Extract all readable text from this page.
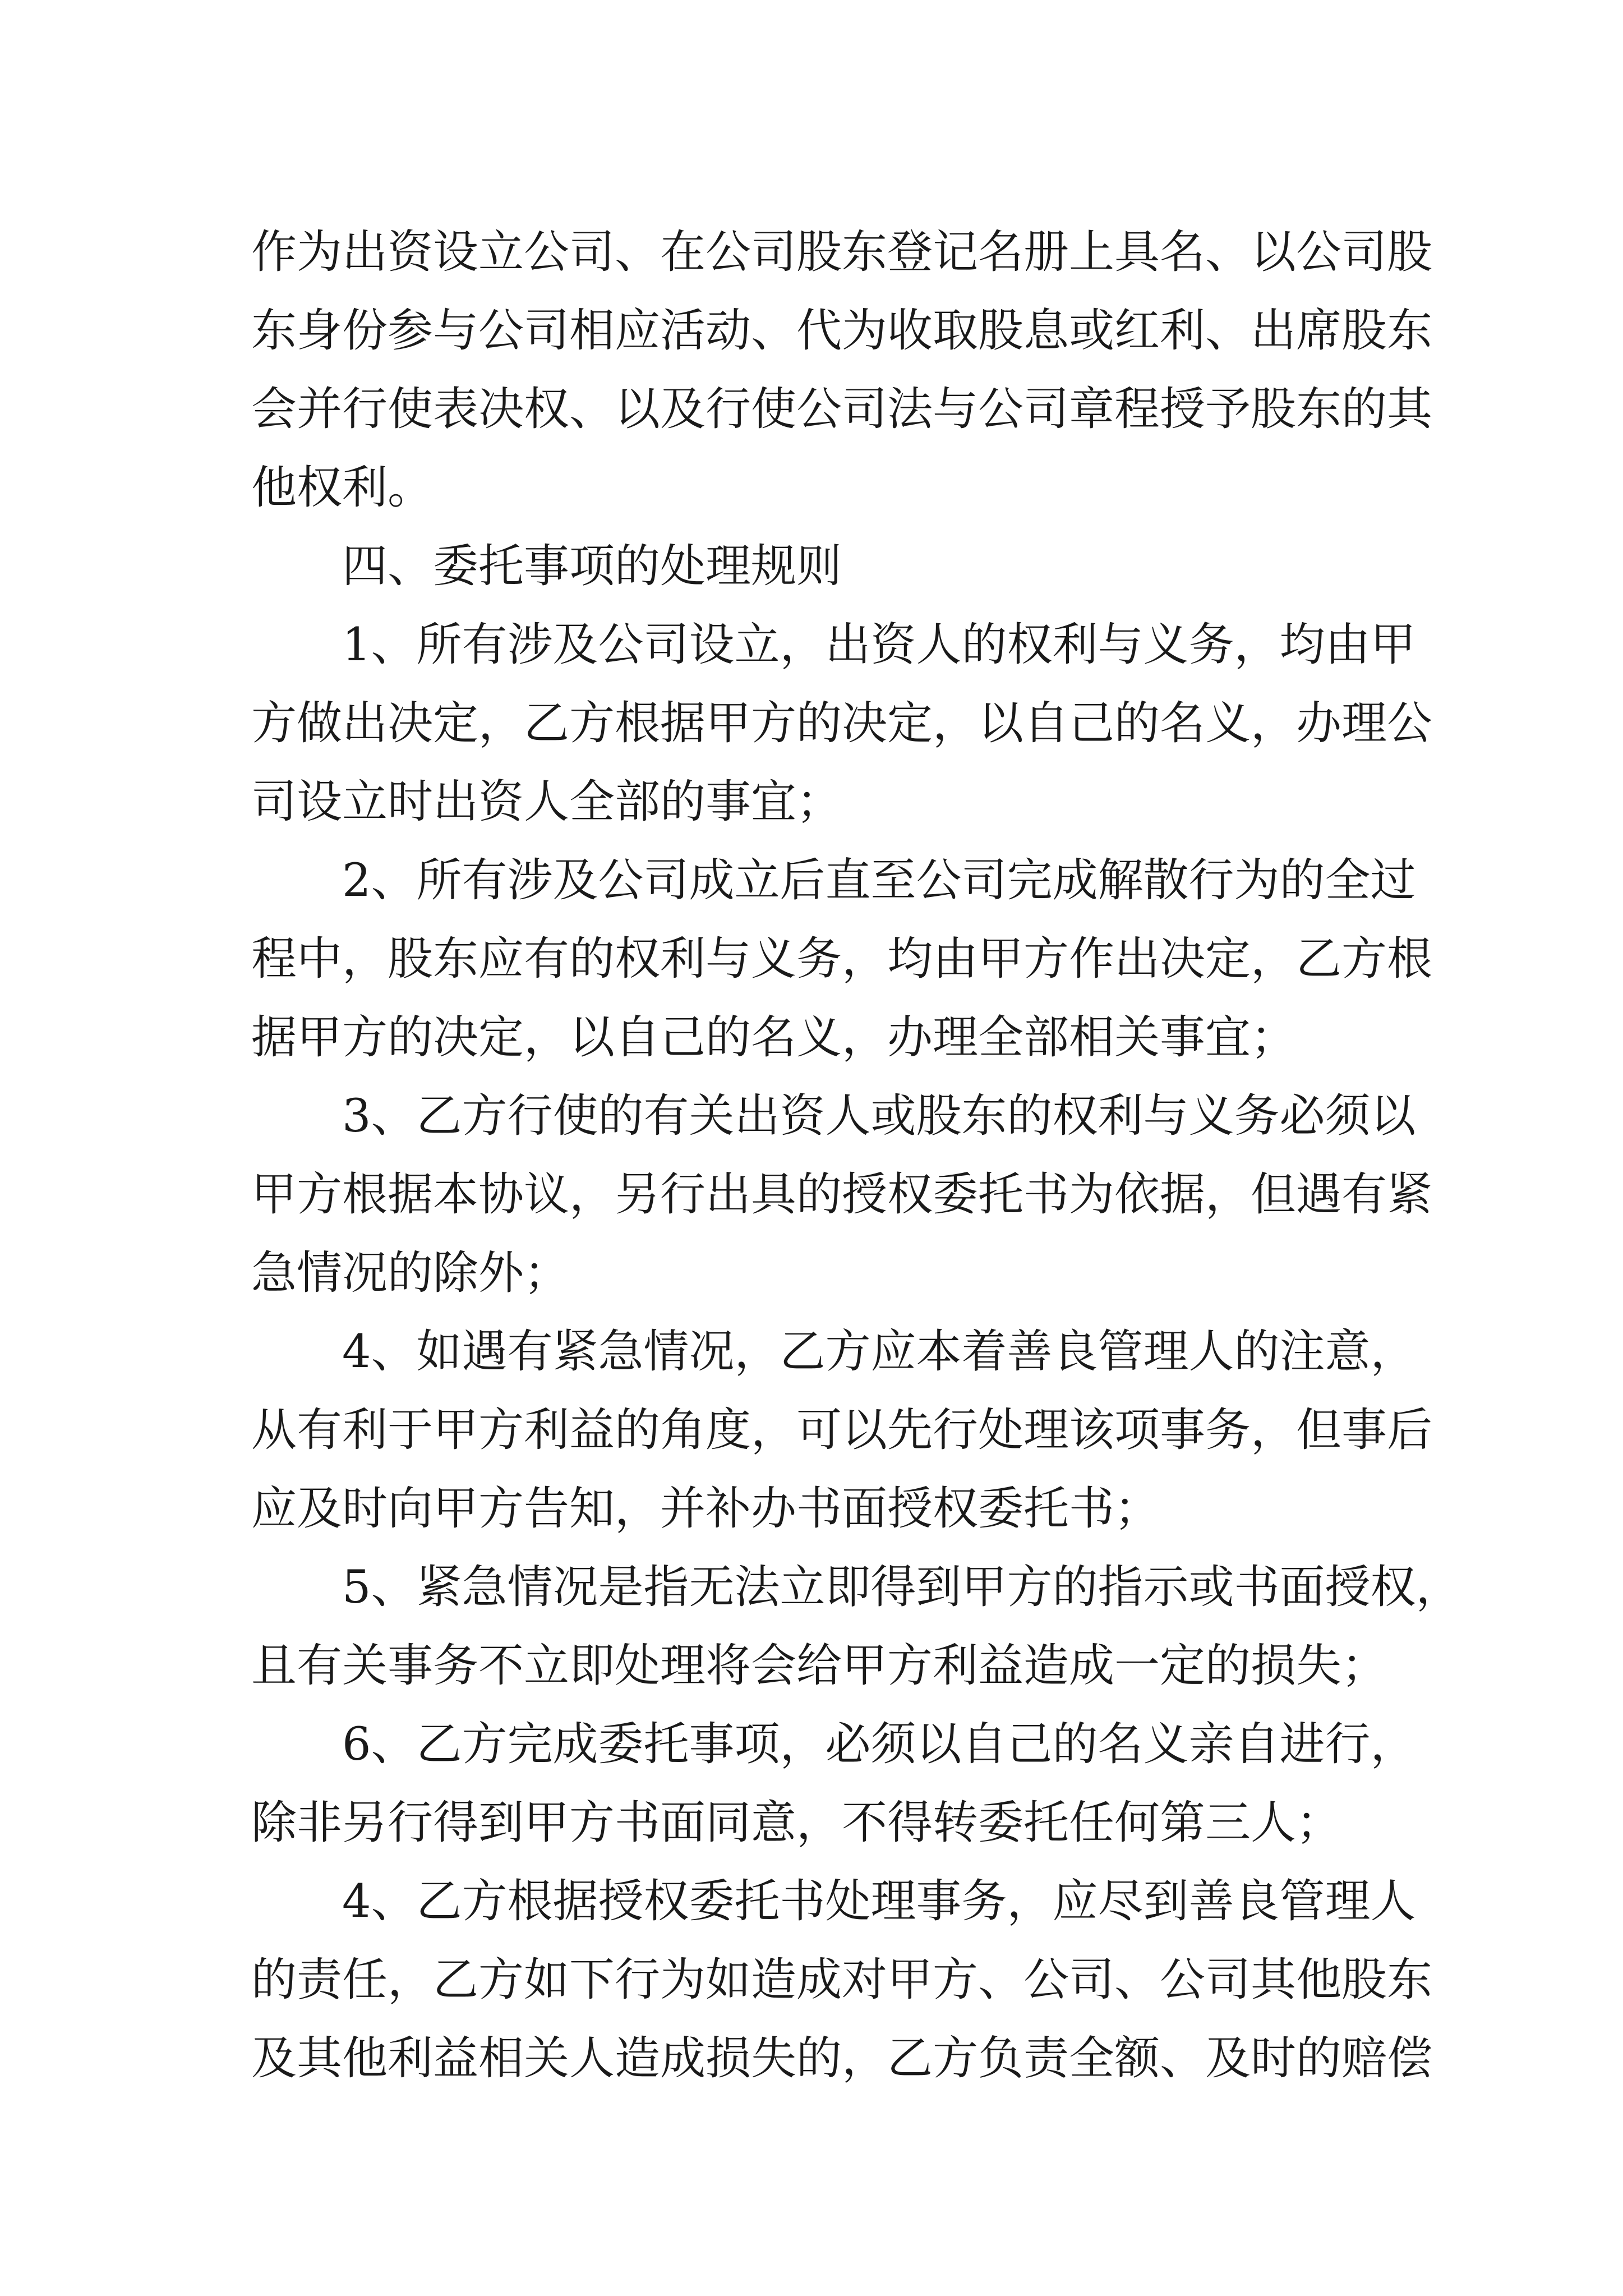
作为出资设立公司、在公司股东登记名册上具名、以公司股
东身份参与公司相应活动、代为收取股息或红利、出席股东
会并行使表决权、以及行使公司法与公司章程授予股东的其
他权利。
四、委托事项的处理规则
1、所有涉及公司设立，出资人的权利与义务，均由甲
方做出决定，乙方根据甲方的决定，以自己的名义，办理公
司设立时出资人全部的事宜；
2、所有涉及公司成立后直至公司完成解散行为的全过
程中，股东应有的权利与义务，均由甲方作出决定，乙方根
据甲方的决定，以自己的名义，办理全部相关事宜；
3、乙方行使的有关出资人或股东的权利与义务必须以
甲方根据本协议，另行出具的授权委托书为依据，但遇有紧
急情况的除外；
4、如遇有紧急情况，乙方应本着善良管理人的注意，
从有利于甲方利益的角度，可以先行处理该项事务，但事后
应及时向甲方告知，并补办书面授权委托书；
5、紧急情况是指无法立即得到甲方的指示或书面授权，
且有关事务不立即处理将会给甲方利益造成一定的损失；
6、乙方完成委托事项，必须以自己的名义亲自进行，
除非另行得到甲方书面同意，不得转委托任何第三人；
4、乙方根据授权委托书处理事务，应尽到善良管理人
的责任，乙方如下行为如造成对甲方、公司、公司其他股东
及其他利益相关人造成损失的，乙方负责全额、及时的赔偿
